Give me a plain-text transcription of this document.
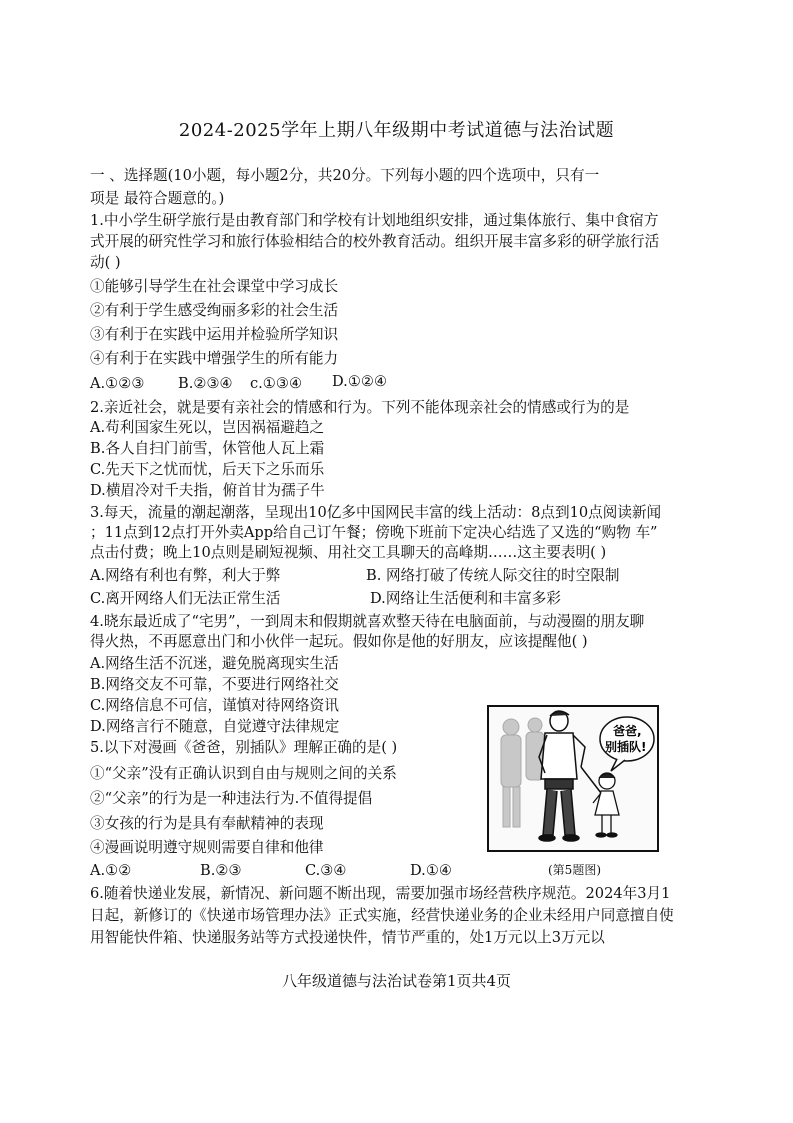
2024-2025学年上期八年级期中考试道德与法治试题
一 、选择题(10小题，每小题2分，共20分。下列每小题的四个选项中，只有一
项是 最符合题意的。)
1.中小学生研学旅行是由教育部门和学校有计划地组织安排，通过集体旅行、集中食宿方
式开展的研究性学习和旅行体验相结合的校外教育活动。组织开展丰富多彩的研学旅行活
动( )
①能够引导学生在社会课堂中学习成长
②有利于学生感受绚丽多彩的社会生活
③有利于在实践中运用并检验所学知识
④有利于在实践中增强学生的所有能力
A.①②③ B.②③④ c.①③④ D.①②④
2.亲近社会，就是要有亲社会的情感和行为。下列不能体现亲社会的情感或行为的是
A.苟利国家生死以，岂因祸福避趋之
B.各人自扫门前雪，休管他人瓦上霜
C.先天下之忧而忧，后天下之乐而乐
D.横眉冷对千夫指，俯首甘为孺子牛
3.每天，流量的潮起潮落，呈现出10亿多中国网民丰富的线上活动：8点到10点阅读新闻
；11点到12点打开外卖App给自己订午餐；傍晚下班前下定决心结选了又选的“购物 车”
点击付费；晚上10点则是刷短视频、用社交工具聊天的高峰期……这主要表明( )
A.网络有利也有弊，利大于弊	B. 网络打破了传统人际交往的时空限制
C.离开网络人们无法正常生活	D.网络让生活便利和丰富多彩
4.晓东最近成了“宅男”，一到周末和假期就喜欢整天待在电脑面前，与动漫圈的朋友聊
得火热，不再愿意出门和小伙伴一起玩。假如你是他的好朋友，应该提醒他( )
A.网络生活不沉迷，避免脱离现实生活
B.网络交友不可靠，不要进行网络社交
C.网络信息不可信，谨慎对待网络资讯
D.网络言行不随意，自觉遵守法律规定
5.以下对漫画《爸爸，别插队》理解正确的是( )
①“父亲”没有正确认识到自由与规则之间的关系
②“父亲”的行为是一种违法行为.不值得提倡
③女孩的行为是具有奉献精神的表现
④漫画说明遵守规则需要自律和他律
A.①②	B.②③	C.③④	D.①④
爸爸,
别插队!
(第5题图)
6.随着快递业发展，新情况、新问题不断出现，需要加强市场经营秩序规范。2024年3月1
日起，新修订的《快递市场管理办法》正式实施，经营快递业务的企业未经用户同意擅自使
用智能快件箱、快递服务站等方式投递快件，情节严重的，处1万元以上3万元以
八年级道德与法治试卷第1页共4页
